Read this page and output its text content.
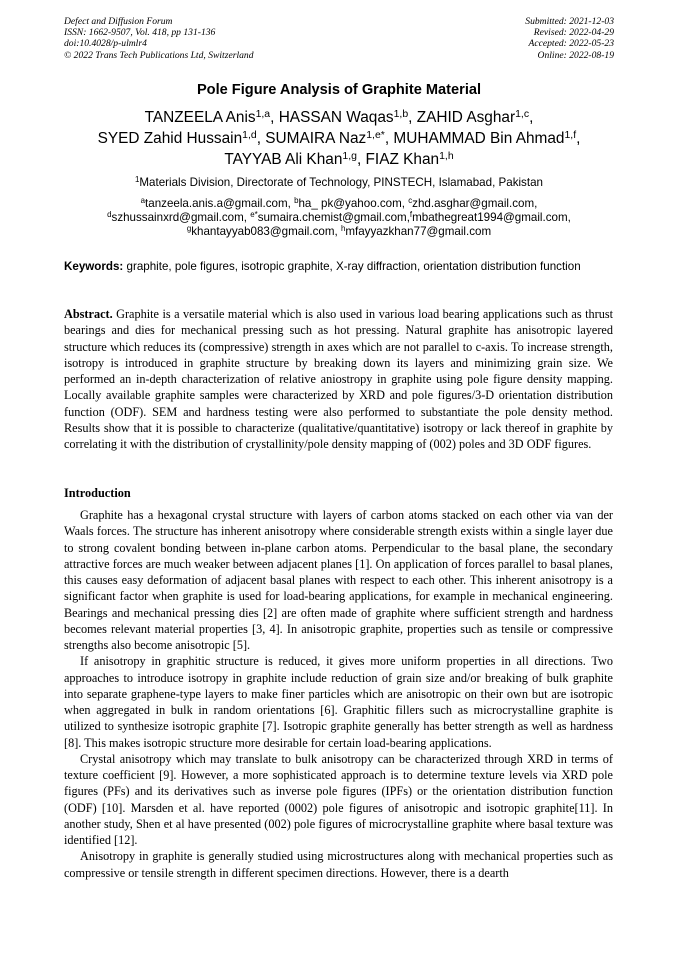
Defect and Diffusion Forum
ISSN: 1662-9507, Vol. 418, pp 131-136
doi:10.4028/p-ulmlr4
© 2022 Trans Tech Publications Ltd, Switzerland
Submitted: 2021-12-03
Revised: 2022-04-29
Accepted: 2022-05-23
Online: 2022-08-19
Pole Figure Analysis of Graphite Material
TANZEELA Anis$^{1,a}$, HASSAN Waqas$^{1,b}$, ZAHID Asghar$^{1,c}$,
SYED Zahid Hussain$^{1,d}$, SUMAIRA Naz$^{1,e*}$, MUHAMMAD Bin Ahmad$^{1,f}$,
TAYYAB Ali Khan$^{1,g}$, FIAZ Khan$^{1,h}$
$^1$Materials Division, Directorate of Technology, PINSTECH, Islamabad, Pakistan
$^a$tanzeela.anis.a@gmail.com, $^b$ha_ pk@yahoo.com, $^c$zhd.asghar@gmail.com,
$^d$szhussainxrd@gmail.com, $^{e*}$sumaira.chemist@gmail.com,$^f$mbathegreat1994@gmail.com,
$^g$khantayyab083@gmail.com, $^h$mfayyazkhan77@gmail.com
Keywords: graphite, pole figures, isotropic graphite, X-ray diffraction, orientation distribution function
Abstract. Graphite is a versatile material which is also used in various load bearing applications such as thrust bearings and dies for mechanical pressing such as hot pressing. Natural graphite has anisotropic layered structure which reduces its (compressive) strength in axes which are not parallel to c-axis. To increase strength, isotropy is introduced in graphite structure by breaking down its layers and minimizing grain size. We performed an in-depth characterization of relative aniostropy in graphite using pole figure density mapping. Locally available graphite samples were characterized by XRD and pole figures/3-D orientation distribution function (ODF). SEM and hardness testing were also performed to substantiate the pole density method. Results show that it is possible to characterize (qualitative/quantitative) isotropy or lack thereof in graphite by correlating it with the distribution of crystallinity/pole density mapping of (002) poles and 3D ODF figures.
Introduction

Graphite has a hexagonal crystal structure with layers of carbon atoms stacked on each other via van der Waals forces. The structure has inherent anisotropy where considerable strength exists within a single layer due to strong covalent bonding between in-plane carbon atoms. Perpendicular to the basal plane, the secondary attractive forces are much weaker between adjacent planes [1]. On application of forces parallel to basal planes, this causes easy deformation of adjacent basal planes with respect to each other. This inherent anisotropy is a significant factor when graphite is used for load-bearing applications, for example in mechanical engineering. Bearings and mechanical pressing dies [2] are often made of graphite where sufficient strength and hardness becomes relevant material properties [3, 4]. In anisotropic graphite, properties such as tensile or compressive strengths also become anisotropic [5].

If anisotropy in graphitic structure is reduced, it gives more uniform properties in all directions. Two approaches to introduce isotropy in graphite include reduction of grain size and/or breaking of bulk graphite into separate graphene-type layers to make finer particles which are anisotropic on their own but are isotropic when aggregated in bulk in random orientations [6]. Graphitic fillers such as microcrystalline graphite is utilized to synthesize isotropic graphite [7]. Isotropic graphite generally has better strength as well as hardness [8]. This makes isotropic structure more desirable for certain load-bearing applications.

Crystal anisotropy which may translate to bulk anisotropy can be characterized through XRD in terms of texture coefficient [9]. However, a more sophisticated approach is to determine texture levels via XRD pole figures (PFs) and its derivatives such as inverse pole figures (IPFs) or the orientation distribution function (ODF) [10]. Marsden et al. have reported (0002) pole figures of anisotropic and isotropic graphite[11]. In another study, Shen et al have presented (002) pole figures of microcrystalline graphite where basal texture was identified [12].

Anisotropy in graphite is generally studied using microstructures along with mechanical properties such as compressive or tensile strength in different specimen directions. However, there is a dearth
